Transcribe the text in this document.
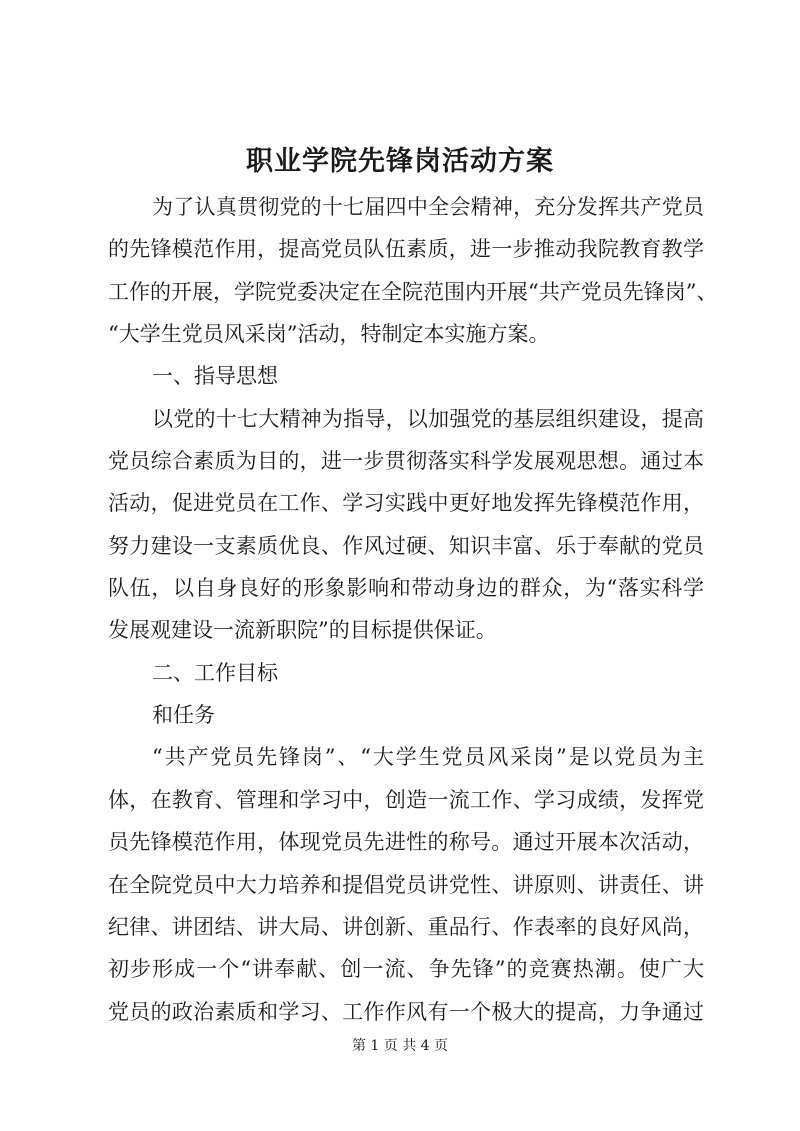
职业学院先锋岗活动方案
为了认真贯彻党的十七届四中全会精神，充分发挥共产党员
的先锋模范作用，提高党员队伍素质，进一步推动我院教育教学
工作的开展，学院党委决定在全院范围内开展“共产党员先锋岗”、
“大学生党员风采岗”活动，特制定本实施方案。
一、指导思想
以党的十七大精神为指导，以加强党的基层组织建设，提高
党员综合素质为目的，进一步贯彻落实科学发展观思想。通过本
活动，促进党员在工作、学习实践中更好地发挥先锋模范作用，
努力建设一支素质优良、作风过硬、知识丰富、乐于奉献的党员
队伍，以自身良好的形象影响和带动身边的群众，为“落实科学
发展观建设一流新职院”的目标提供保证。
二、工作目标
和任务
“共产党员先锋岗”、“大学生党员风采岗”是以党员为主
体，在教育、管理和学习中，创造一流工作、学习成绩，发挥党
员先锋模范作用，体现党员先进性的称号。通过开展本次活动，
在全院党员中大力培养和提倡党员讲党性、讲原则、讲责任、讲
纪律、讲团结、讲大局、讲创新、重品行、作表率的良好风尚，
初步形成一个“讲奉献、创一流、争先锋”的竞赛热潮。使广大
党员的政治素质和学习、工作作风有一个极大的提高，力争通过
第 1 页 共 4 页
